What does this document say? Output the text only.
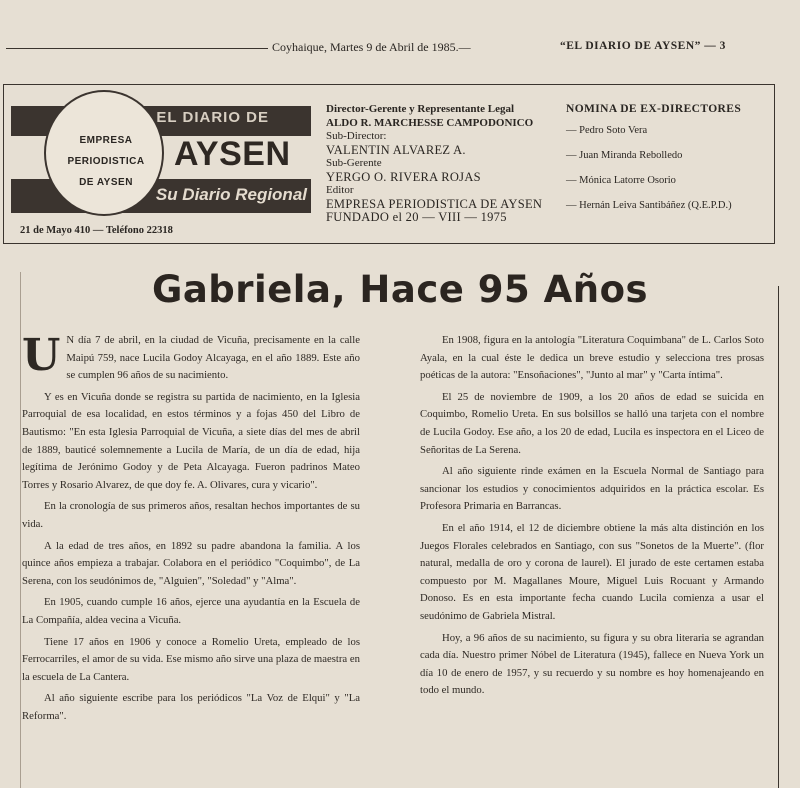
Coyhaique, Martes 9 de Abril de 1985.—	“EL DIARIO DE AYSEN” — 3
EL DIARIO DE
Su Diario Regional
EMPRESA
PERIODISTICA
DE AYSEN
AYSEN
21 de Mayo 410 — Teléfono 22318
Director-Gerente y Representante Legal
ALDO R. MARCHESSE CAMPODONICO
Sub-Director:
VALENTIN ALVAREZ A.
Sub-Gerente
YERGO O. RIVERA ROJAS
Editor
EMPRESA PERIODISTICA DE AYSEN
FUNDADO el 20 — VIII — 1975
NOMINA DE EX-DIRECTORES
— Pedro Soto Vera
— Juan Miranda Rebolledo
— Mónica Latorre Osorio
— Hernán Leiva Santibáñez (Q.E.P.D.)
Gabriela, Hace 95 Años
U N día 7 de abril, en la ciudad de Vicuña, precisamente en la calle Maipú 759, nace Lucila Godoy Alcayaga, en el año 1889. Este año se cumplen 96 años de su nacimiento.

Y es en Vicuña donde se registra su partida de nacimiento, en la Iglesia Parroquial de esa localidad, en estos términos y a fojas 450 del Libro de Bautismo: "En esta Iglesia Parroquial de Vicuña, a siete días del mes de abril de 1889, bauticé solemnemente a Lucila de María, de un día de edad, hija legítima de Jerónimo Godoy y de Peta Alcayaga. Fueron padrinos Mateo Torres y Rosario Alvarez, de que doy fe. A. Olivares, cura y vicario".

En la cronología de sus primeros años, resaltan hechos importantes de su vida.

A la edad de tres años, en 1892 su padre abandona la familia. A los quince años empieza a trabajar. Colabora en el periódico "Coquimbo", de La Serena, con los seudónimos de, "Alguien", "Soledad" y "Alma".

En 1905, cuando cumple 16 años, ejerce una ayudantía en la Escuela de La Compañía, aldea vecina a Vicuña.

Tiene 17 años en 1906 y conoce a Romelio Ureta, empleado de los Ferrocarriles, el amor de su vida. Ese mismo año sirve una plaza de maestra en la escuela de La Cantera.

Al año siguiente escribe para los periódicos "La Voz de Elqui" y "La Reforma".

En 1908, figura en la antología "Literatura Coquimbana" de L. Carlos Soto Ayala, en la cual éste le dedica un breve estudio y selecciona tres prosas poéticas de la autora: "Ensoñaciones", "Junto al mar" y "Carta íntima".

El 25 de noviembre de 1909, a los 20 años de edad se suicida en Coquimbo, Romelio Ureta. En sus bolsillos se halló una tarjeta con el nombre de Lucila Godoy. Ese año, a los 20 de edad, Lucila es inspectora en el Liceo de Señoritas de La Serena.

Al año siguiente rinde exámen en la Escuela Normal de Santiago para sancionar los estudios y conocimientos adquiridos en la práctica escolar. Es Profesora Primaria en Barrancas.

En el año 1914, el 12 de diciembre obtiene la más alta distinción en los Juegos Florales celebrados en Santiago, con sus "Sonetos de la Muerte". (flor natural, medalla de oro y corona de laurel). El jurado de este certamen estaba compuesto por M. Magallanes Moure, Miguel Luis Rocuant y Armando Donoso. Es en esta importante fecha cuando Lucila comienza a usar el seudónimo de Gabriela Mistral.

Hoy, a 96 años de su nacimiento, su figura y su obra literaria se agrandan cada día. Nuestro primer Nóbel de Literatura (1945), fallece en Nueva York un día 10 de enero de 1957, y su recuerdo y su nombre es hoy homenajeando en todo el mundo.
